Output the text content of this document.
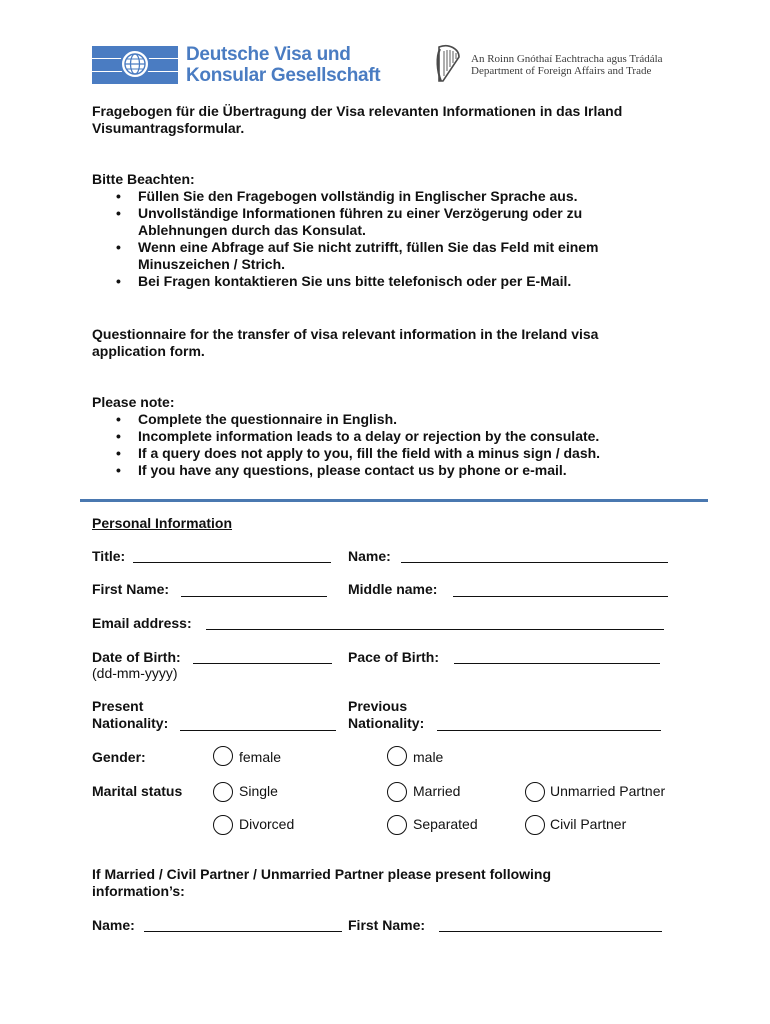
Deutsche Visa und
Konsular Gesellschaft
An Roinn Gnóthaí Eachtracha agus Trádála
Department of Foreign Affairs and Trade
Fragebogen für die Übertragung der Visa relevanten Informationen in das Irland Visumantragsformular.
Bitte Beachten:
• Füllen Sie den Fragebogen vollständig in Englischer Sprache aus.
• Unvollständige Informationen führen zu einer Verzögerung oder zu Ablehnungen durch das Konsulat.
• Wenn eine Abfrage auf Sie nicht zutrifft, füllen Sie das Feld mit einem Minuszeichen / Strich.
• Bei Fragen kontaktieren Sie uns bitte telefonisch oder per E-Mail.
Questionnaire for the transfer of visa relevant information in the Ireland visa application form.
Please note:
• Complete the questionnaire in English.
• Incomplete information leads to a delay or rejection by the consulate.
• If a query does not apply to you, fill the field with a minus sign / dash.
• If you have any questions, please contact us by phone or e-mail.
Personal Information
Title:	Name:
First Name:	Middle name:
Email address:
Date of Birth:
(dd-mm-yyyy)
Pace of Birth:
Present
Nationality:
Previous
Nationality:
Gender:	female	male
Marital status	Single	Married	Unmarried Partner
Divorced	Separated	Civil Partner
If Married / Civil Partner / Unmarried Partner please present following information’s:
Name:	First Name:
